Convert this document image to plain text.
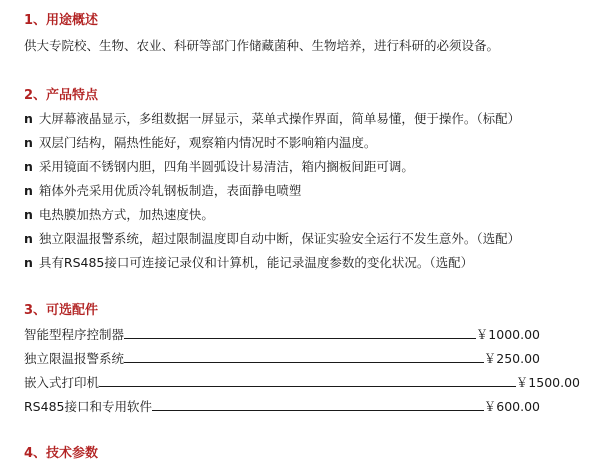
1、用途概述
供大专院校、生物、农业、科研等部门作储藏菌种、生物培养，进行科研的必须设备。
2、产品特点
n 大屏幕液晶显示，多组数据一屏显示，菜单式操作界面，简单易懂，便于操作。（标配）
n 双层门结构，隔热性能好，观察箱内情况时不影响箱内温度。
n 采用镜面不锈钢内胆，四角半圆弧设计易清洁，箱内搁板间距可调。
n 箱体外壳采用优质冷轧钢板制造，表面静电喷塑
n 电热膜加热方式，加热速度快。
n 独立限温报警系统，超过限制温度即自动中断，保证实验安全运行不发生意外。（选配）
n 具有RS485接口可连接记录仪和计算机，能记录温度参数的变化状况。（选配）
3、可选配件
智能型程序控制器	￥1000.00
独立限温报警系统	￥250.00
嵌入式打印机	￥1500.00
RS485接口和专用软件	￥600.00
4、技术参数
